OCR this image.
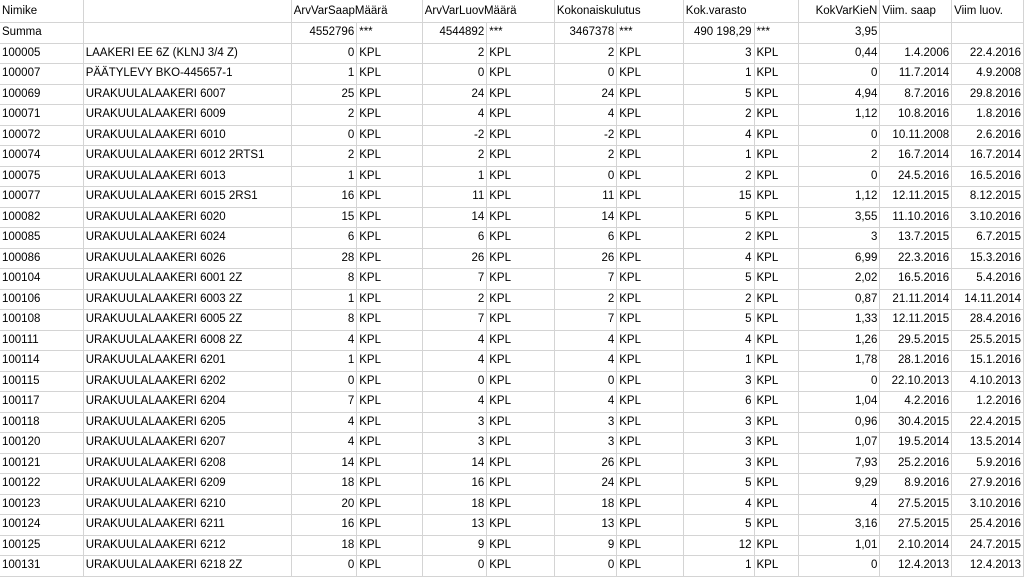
Nimike		ArvVarSaapMäärä		ArvVarLuovMäärä		Kokonaiskulutus		Kok.varasto		KokVarKieN	Viim. saap	Viim luov.
Summa		4552796	***	4544892	***	3467378	***	490 198,29	***	3,95		
100005	LAAKERI EE 6Z (KLNJ 3/4 Z)	0	KPL	2	KPL	2	KPL	3	KPL	0,44	1.4.2006	22.4.2016
100007	PÄÄTYLEVY BKO-445657-1	1	KPL	0	KPL	0	KPL	1	KPL	0	11.7.2014	4.9.2008
100069	URAKUULALAAKERI 6007	25	KPL	24	KPL	24	KPL	5	KPL	4,94	8.7.2016	29.8.2016
100071	URAKUULALAAKERI 6009	2	KPL	4	KPL	4	KPL	2	KPL	1,12	10.8.2016	1.8.2016
100072	URAKUULALAAKERI 6010	0	KPL	-2	KPL	-2	KPL	4	KPL	0	10.11.2008	2.6.2016
100074	URAKUULALAAKERI 6012 2RTS1	2	KPL	2	KPL	2	KPL	1	KPL	2	16.7.2014	16.7.2014
100075	URAKUULALAAKERI 6013	1	KPL	1	KPL	0	KPL	2	KPL	0	24.5.2016	16.5.2016
100077	URAKUULALAAKERI 6015 2RS1	16	KPL	11	KPL	11	KPL	15	KPL	1,12	12.11.2015	8.12.2015
100082	URAKUULALAAKERI 6020	15	KPL	14	KPL	14	KPL	5	KPL	3,55	11.10.2016	3.10.2016
100085	URAKUULALAAKERI 6024	6	KPL	6	KPL	6	KPL	2	KPL	3	13.7.2015	6.7.2015
100086	URAKUULALAAKERI 6026	28	KPL	26	KPL	26	KPL	4	KPL	6,99	22.3.2016	15.3.2016
100104	URAKUULALAAKERI 6001 2Z	8	KPL	7	KPL	7	KPL	5	KPL	2,02	16.5.2016	5.4.2016
100106	URAKUULALAAKERI 6003 2Z	1	KPL	2	KPL	2	KPL	2	KPL	0,87	21.11.2014	14.11.2014
100108	URAKUULALAAKERI 6005 2Z	8	KPL	7	KPL	7	KPL	5	KPL	1,33	12.11.2015	28.4.2016
100111	URAKUULALAAKERI 6008 2Z	4	KPL	4	KPL	4	KPL	4	KPL	1,26	29.5.2015	25.5.2015
100114	URAKUULALAAKERI 6201	1	KPL	4	KPL	4	KPL	1	KPL	1,78	28.1.2016	15.1.2016
100115	URAKUULALAAKERI 6202	0	KPL	0	KPL	0	KPL	3	KPL	0	22.10.2013	4.10.2013
100117	URAKUULALAAKERI 6204	7	KPL	4	KPL	4	KPL	6	KPL	1,04	4.2.2016	1.2.2016
100118	URAKUULALAAKERI 6205	4	KPL	3	KPL	3	KPL	3	KPL	0,96	30.4.2015	22.4.2015
100120	URAKUULALAAKERI 6207	4	KPL	3	KPL	3	KPL	3	KPL	1,07	19.5.2014	13.5.2014
100121	URAKUULALAAKERI 6208	14	KPL	14	KPL	26	KPL	3	KPL	7,93	25.2.2016	5.9.2016
100122	URAKUULALAAKERI 6209	18	KPL	16	KPL	24	KPL	5	KPL	9,29	8.9.2016	27.9.2016
100123	URAKUULALAAKERI 6210	20	KPL	18	KPL	18	KPL	4	KPL	4	27.5.2015	3.10.2016
100124	URAKUULALAAKERI 6211	16	KPL	13	KPL	13	KPL	5	KPL	3,16	27.5.2015	25.4.2016
100125	URAKUULALAAKERI 6212	18	KPL	9	KPL	9	KPL	12	KPL	1,01	2.10.2014	24.7.2015
100131	URAKUULALAAKERI 6218 2Z	0	KPL	0	KPL	0	KPL	1	KPL	0	12.4.2013	12.4.2013
